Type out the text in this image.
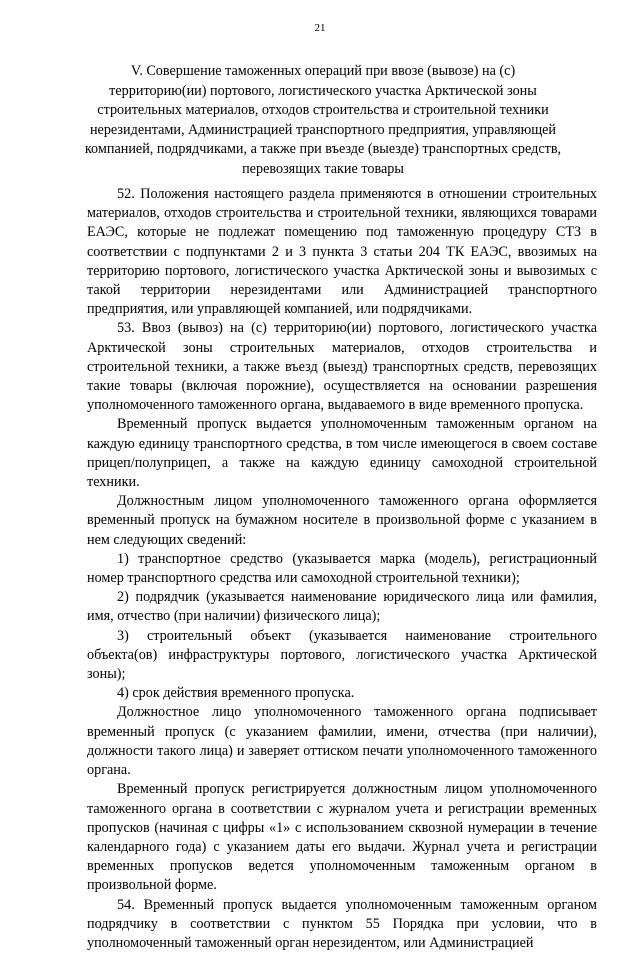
21
V. Совершение таможенных операций при ввозе (вывозе) на (с)
территорию(ии) портового, логистического участка Арктической зоны
строительных материалов, отходов строительства и строительной техники
нерезидентами, Администрацией транспортного предприятия, управляющей
компанией, подрядчиками, а также при въезде (выезде) транспортных средств,
перевозящих такие товары

52. Положения настоящего раздела применяются в отношении строительных материалов, отходов строительства и строительной техники, являющихся товарами ЕАЭС, которые не подлежат помещению под таможенную процедуру СТЗ в соответствии с подпунктами 2 и 3 пункта 3 статьи 204 ТК ЕАЭС, ввозимых на территорию портового, логистического участка Арктической зоны и вывозимых с такой территории нерезидентами или Администрацией транспортного предприятия, или управляющей компанией, или подрядчиками.

53. Ввоз (вывоз) на (с) территорию(ии) портового, логистического участка Арктической зоны строительных материалов, отходов строительства и строительной техники, а также въезд (выезд) транспортных средств, перевозящих такие товары (включая порожние), осуществляется на основании разрешения уполномоченного таможенного органа, выдаваемого в виде временного пропуска.

Временный пропуск выдается уполномоченным таможенным органом на каждую единицу транспортного средства, в том числе имеющегося в своем составе прицеп/полуприцеп, а также на каждую единицу самоходной строительной техники.

Должностным лицом уполномоченного таможенного органа оформляется временный пропуск на бумажном носителе в произвольной форме с указанием в нем следующих сведений:

1) транспортное средство (указывается марка (модель), регистрационный номер транспортного средства или самоходной строительной техники);

2) подрядчик (указывается наименование юридического лица или фамилия, имя, отчество (при наличии) физического лица);

3) строительный объект (указывается наименование строительного объекта(ов) инфраструктуры портового, логистического участка Арктической зоны);

4) срок действия временного пропуска.

Должностное лицо уполномоченного таможенного органа подписывает временный пропуск (с указанием фамилии, имени, отчества (при наличии), должности такого лица) и заверяет оттиском печати уполномоченного таможенного органа.

Временный пропуск регистрируется должностным лицом уполномоченного таможенного органа в соответствии с журналом учета и регистрации временных пропусков (начиная с цифры «1» с использованием сквозной нумерации в течение календарного года) с указанием даты его выдачи. Журнал учета и регистрации временных пропусков ведется уполномоченным таможенным органом в произвольной форме.

54. Временный пропуск выдается уполномоченным таможенным органом подрядчику в соответствии с пунктом 55 Порядка при условии, что в уполномоченный таможенный орган нерезидентом, или Администрацией
